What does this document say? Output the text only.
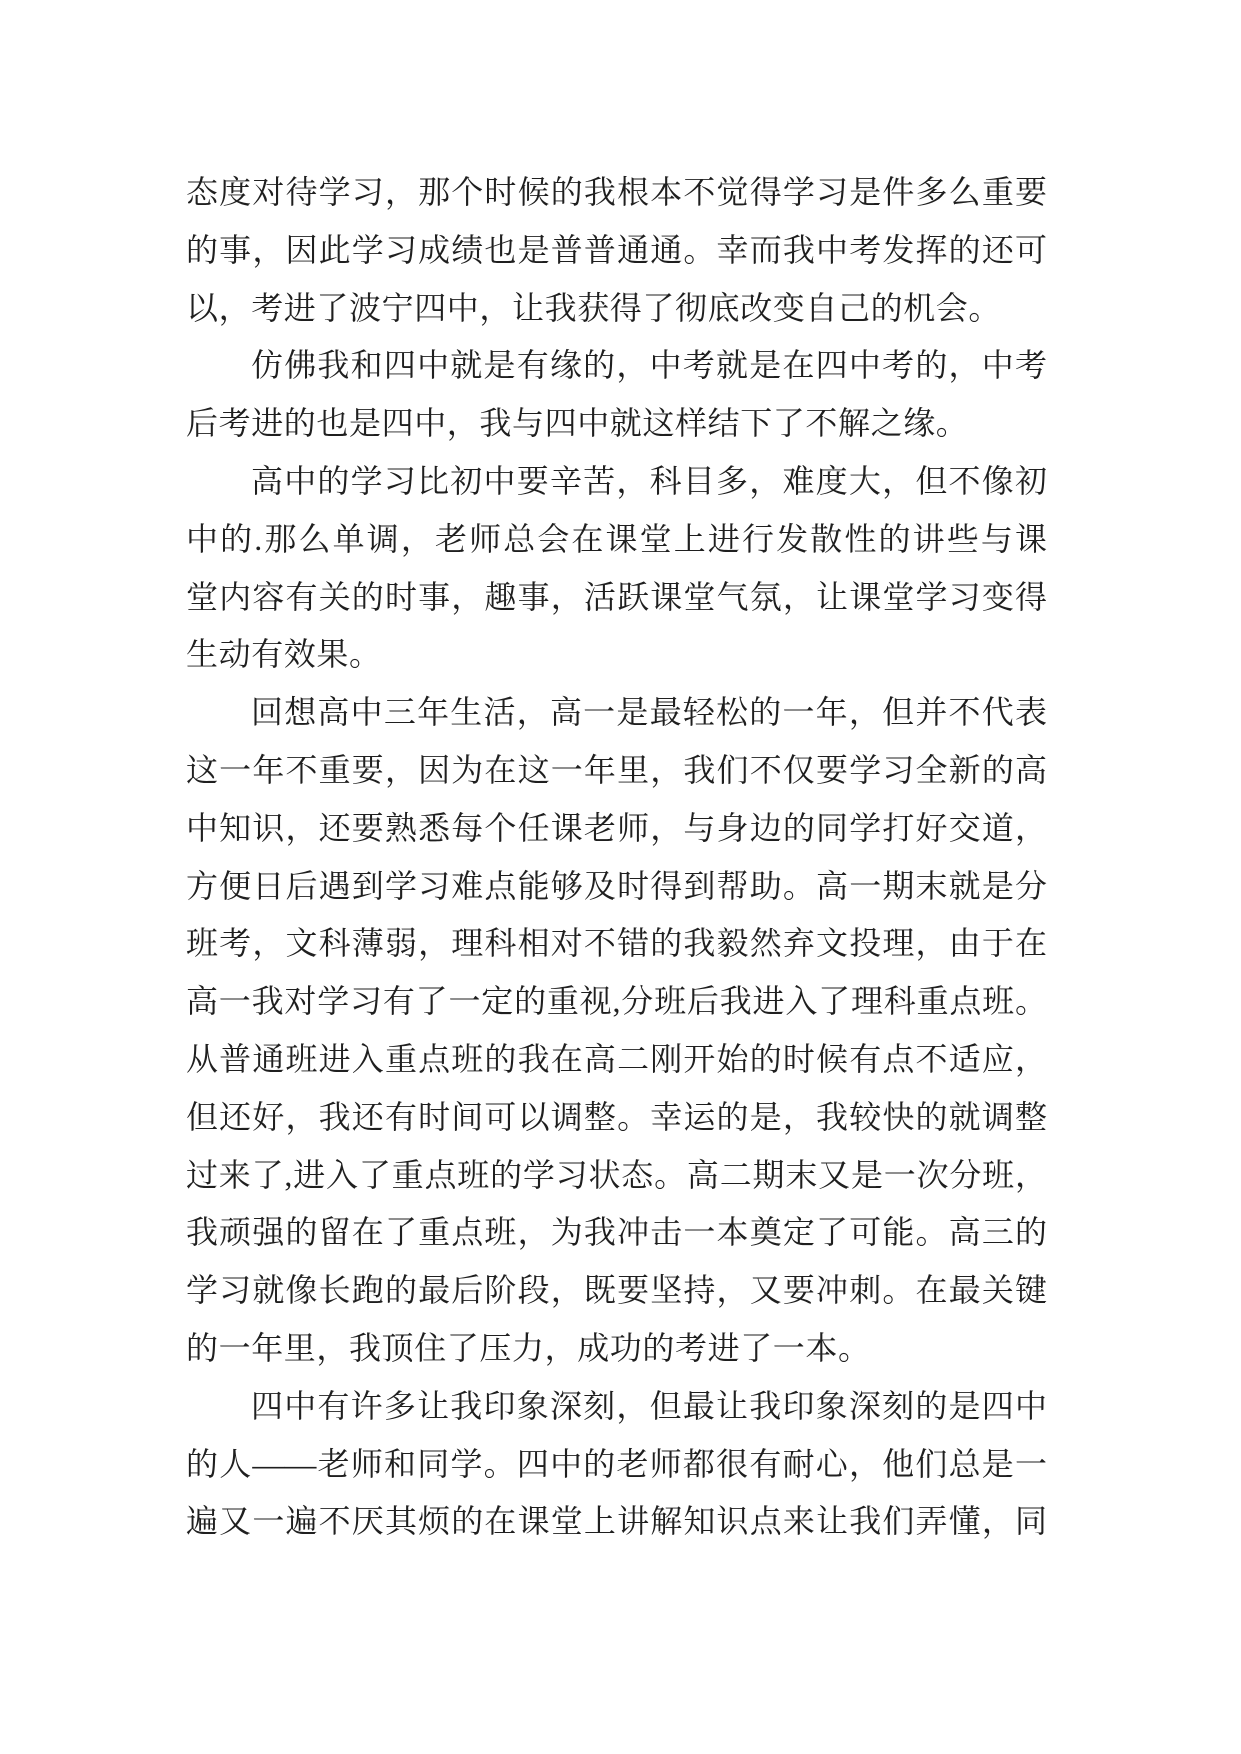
态度对待学习，那个时候的我根本不觉得学习是件多么重要
的事，因此学习成绩也是普普通通。幸而我中考发挥的还可
以，考进了波宁四中，让我获得了彻底改变自己的机会。
仿佛我和四中就是有缘的，中考就是在四中考的，中考
后考进的也是四中，我与四中就这样结下了不解之缘。
高中的学习比初中要辛苦，科目多，难度大，但不像初
中的.那么单调，老师总会在课堂上进行发散性的讲些与课
堂内容有关的时事，趣事，活跃课堂气氛，让课堂学习变得
生动有效果。
回想高中三年生活，高一是最轻松的一年，但并不代表
这一年不重要，因为在这一年里，我们不仅要学习全新的高
中知识，还要熟悉每个任课老师，与身边的同学打好交道，
方便日后遇到学习难点能够及时得到帮助。高一期末就是分
班考，文科薄弱，理科相对不错的我毅然弃文投理，由于在
高一我对学习有了一定的重视,分班后我进入了理科重点班。
从普通班进入重点班的我在高二刚开始的时候有点不适应，
但还好，我还有时间可以调整。幸运的是，我较快的就调整
过来了,进入了重点班的学习状态。高二期末又是一次分班，
我顽强的留在了重点班，为我冲击一本奠定了可能。高三的
学习就像长跑的最后阶段，既要坚持，又要冲刺。在最关键
的一年里，我顶住了压力，成功的考进了一本。
四中有许多让我印象深刻，但最让我印象深刻的是四中
的人——老师和同学。四中的老师都很有耐心，他们总是一
遍又一遍不厌其烦的在课堂上讲解知识点来让我们弄懂，同
